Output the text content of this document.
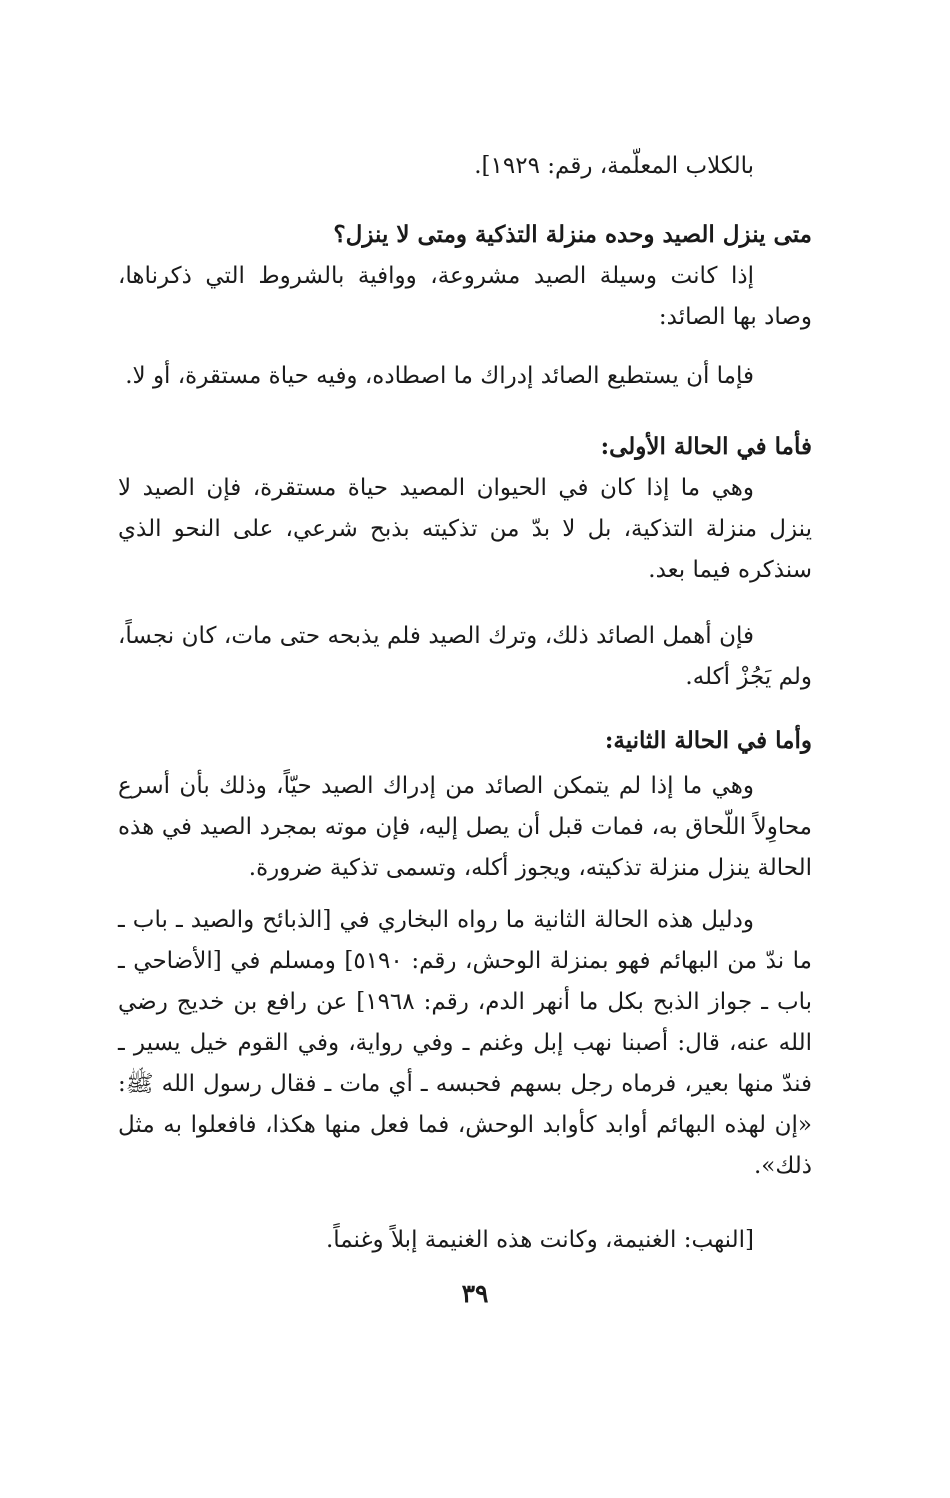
بالكلاب المعلّمة، رقم: ١٩٢٩].

متى ينزل الصيد وحده منزلة التذكية ومتى لا ينزل؟

إذا كانت وسيلة الصيد مشروعة، ووافية بالشروط التي ذكرناها، وصاد بها الصائد:

فإما أن يستطيع الصائد إدراك ما اصطاده، وفيه حياة مستقرة، أو لا.

فأما في الحالة الأولى:

وهي ما إذا كان في الحيوان المصيد حياة مستقرة، فإن الصيد لا ينزل منزلة التذكية، بل لا بدّ من تذكيته بذبح شرعي، على النحو الذي سنذكره فيما بعد.

فإن أهمل الصائد ذلك، وترك الصيد فلم يذبحه حتى مات، كان نجساً، ولم يَجُزْ أكله.

وأما في الحالة الثانية:

وهي ما إذا لم يتمكن الصائد من إدراك الصيد حيّاً، وذلك بأن أسرع محاوِلاً اللّحاق به، فمات قبل أن يصل إليه، فإن موته بمجرد الصيد في هذه الحالة ينزل منزلة تذكيته، ويجوز أكله، وتسمى تذكية ضرورة.

ودليل هذه الحالة الثانية ما رواه البخاري في [الذبائح والصيد ـ باب ـ ما ندّ من البهائم فهو بمنزلة الوحش، رقم: ٥١٩٠] ومسلم في [الأضاحي ـ باب ـ جواز الذبح بكل ما أنهر الدم، رقم: ١٩٦٨] عن رافع بن خديج رضي الله عنه، قال: أصبنا نهب إبل وغنم ـ وفي رواية، وفي القوم خيل يسير ـ فندّ منها بعير، فرماه رجل بسهم فحبسه ـ أي مات ـ فقال رسول الله ﷺ: «إن لهذه البهائم أوابد كأوابد الوحش، فما فعل منها هكذا، فافعلوا به مثل ذلك».

[النهب: الغنيمة، وكانت هذه الغنيمة إبلاً وغنماً.

٣٩
